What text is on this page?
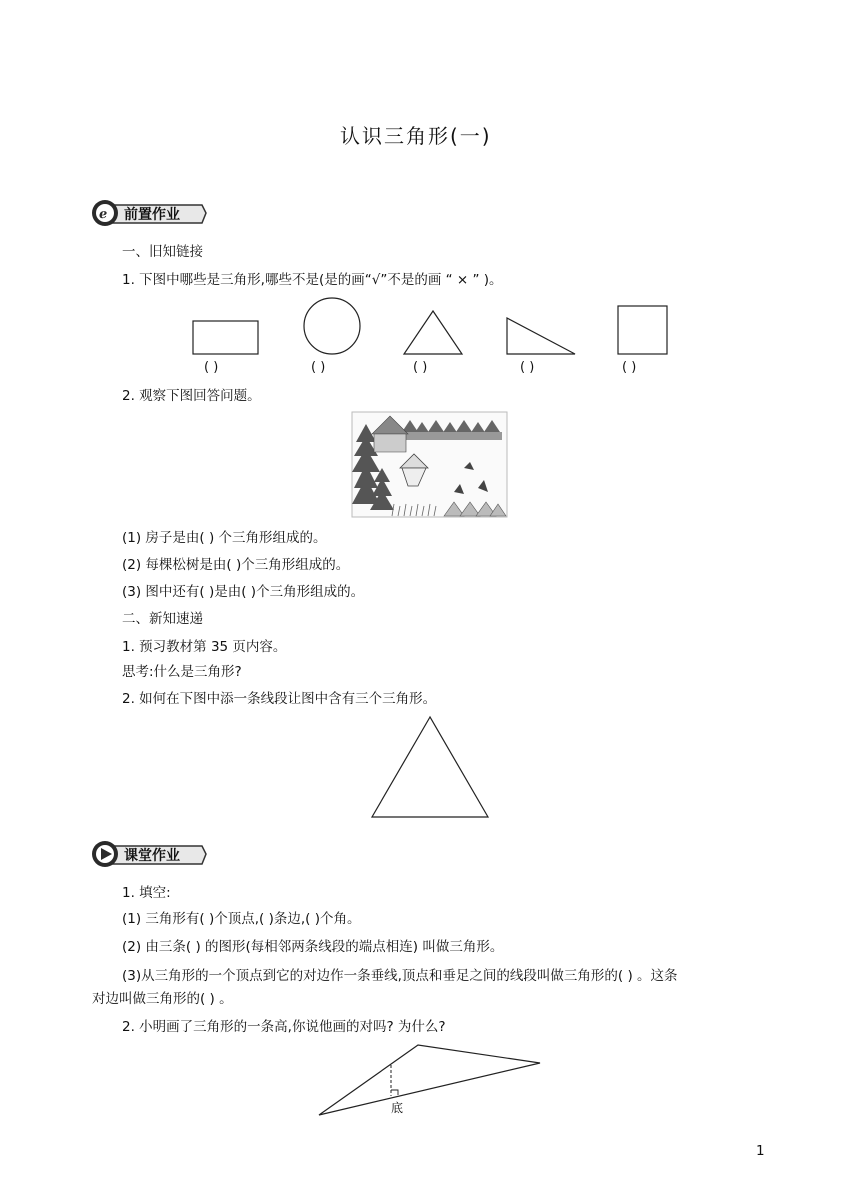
认识三角形(一)
ℯ 前置作业
一、旧知链接
1. 下图中哪些是三角形,哪些不是(是的画“√”不是的画 “ × ” )。
( )	( )	( )	( )	( )
2. 观察下图回答问题。
(1) 房子是由( ) 个三角形组成的。
(2) 每棵松树是由( )个三角形组成的。
(3) 图中还有( )是由( )个三角形组成的。
二、新知速递
1. 预习教材第 35 页内容。
思考:什么是三角形?
2. 如何在下图中添一条线段让图中含有三个三角形。
课堂作业
1. 填空:
(1) 三角形有( )个顶点,( )条边,( )个角。
(2) 由三条( ) 的图形(每相邻两条线段的端点相连) 叫做三角形。
(3)从三角形的一个顶点到它的对边作一条垂线,顶点和垂足之间的线段叫做三角形的( ) 。这条
对边叫做三角形的( ) 。
2. 小明画了三角形的一条高,你说他画的对吗? 为什么?
底
1
